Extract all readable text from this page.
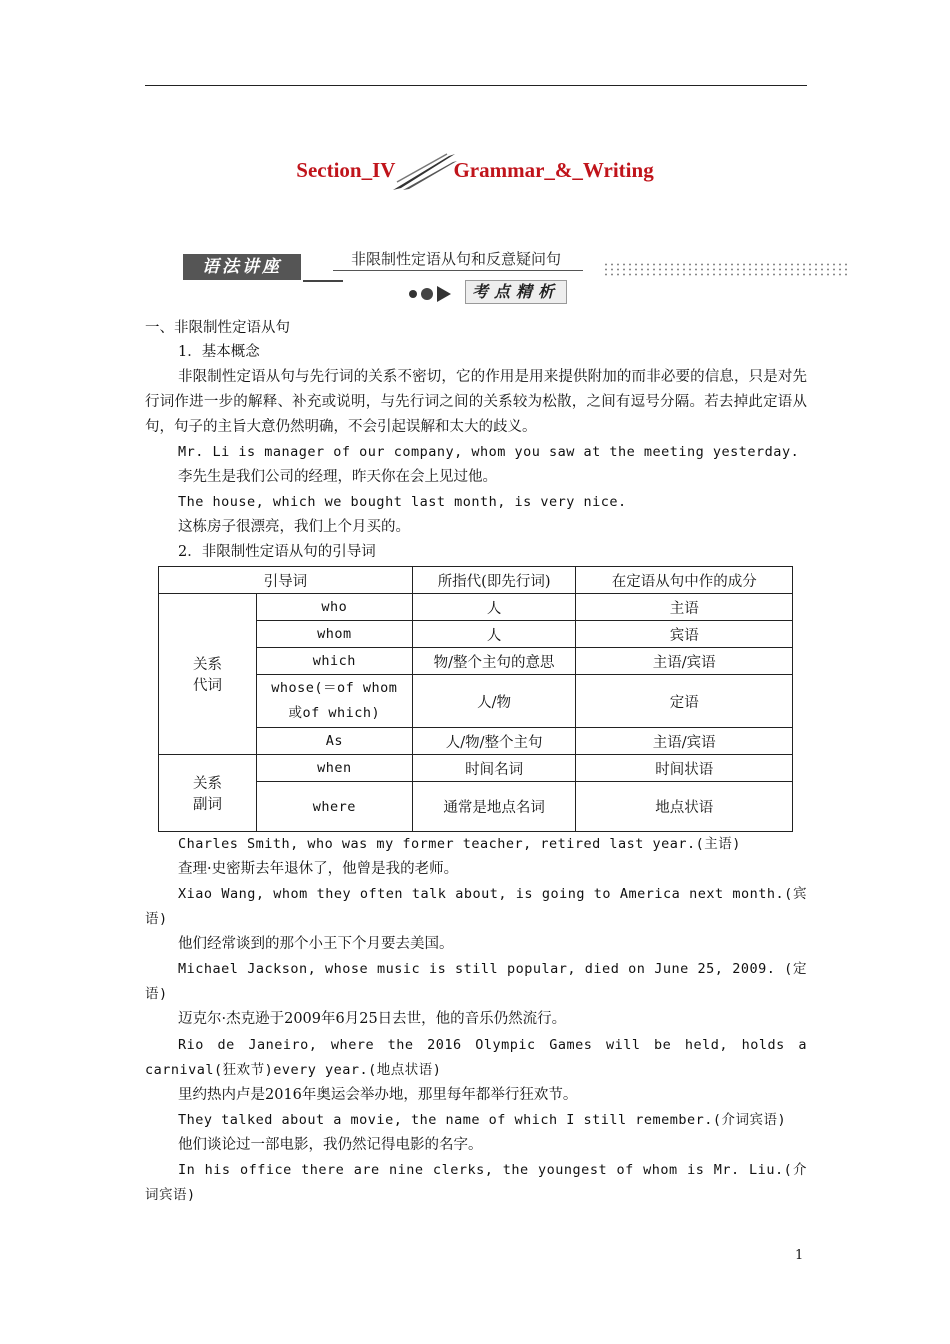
Section_IV	Grammar_&_Writing
语法讲座	非限制性定语从句和反意疑问句
考点精析
一、非限制性定语从句
1．基本概念
非限制性定语从句与先行词的关系不密切，它的作用是用来提供附加的而非必要的信息，只是对先行词作进一步的解释、补充或说明，与先行词之间的关系较为松散，之间有逗号分隔。若去掉此定语从句，句子的主旨大意仍然明确，不会引起误解和太大的歧义。
Mr. Li is manager of our company, whom you saw at the meeting yesterday.
李先生是我们公司的经理，昨天你在会上见过他。
The house, which we bought last month, is very nice.
这栋房子很漂亮，我们上个月买的。
2．非限制性定语从句的引导词
引导词		所指代(即先行词)	在定语从句中作的成分
关系代词	who	人	主语
	whom	人	宾语
	which	物/整个主句的意思	主语/宾语
	whose(＝of whom或of which)	人/物	定语
	As	人/物/整个主句	主语/宾语
关系副词	when	时间名词	时间状语
	where	通常是地点名词	地点状语
Charles Smith, who was my former teacher, retired last year.(主语)
查理·史密斯去年退休了，他曾是我的老师。
Xiao Wang, whom they often talk about, is going to America next month.(宾语)
他们经常谈到的那个小王下个月要去美国。
Michael Jackson, whose music is still popular, died on June 25, 2009. (定语)
迈克尔·杰克逊于2009年6月25日去世，他的音乐仍然流行。
Rio de Janeiro, where the 2016 Olympic Games will be held, holds a carnival(狂欢节)every year.(地点状语)
里约热内卢是2016年奥运会举办地，那里每年都举行狂欢节。
They talked about a movie, the name of which I still remember.(介词宾语)
他们谈论过一部电影，我仍然记得电影的名字。
In his office there are nine clerks, the youngest of whom is Mr. Liu.(介词宾语)
1
